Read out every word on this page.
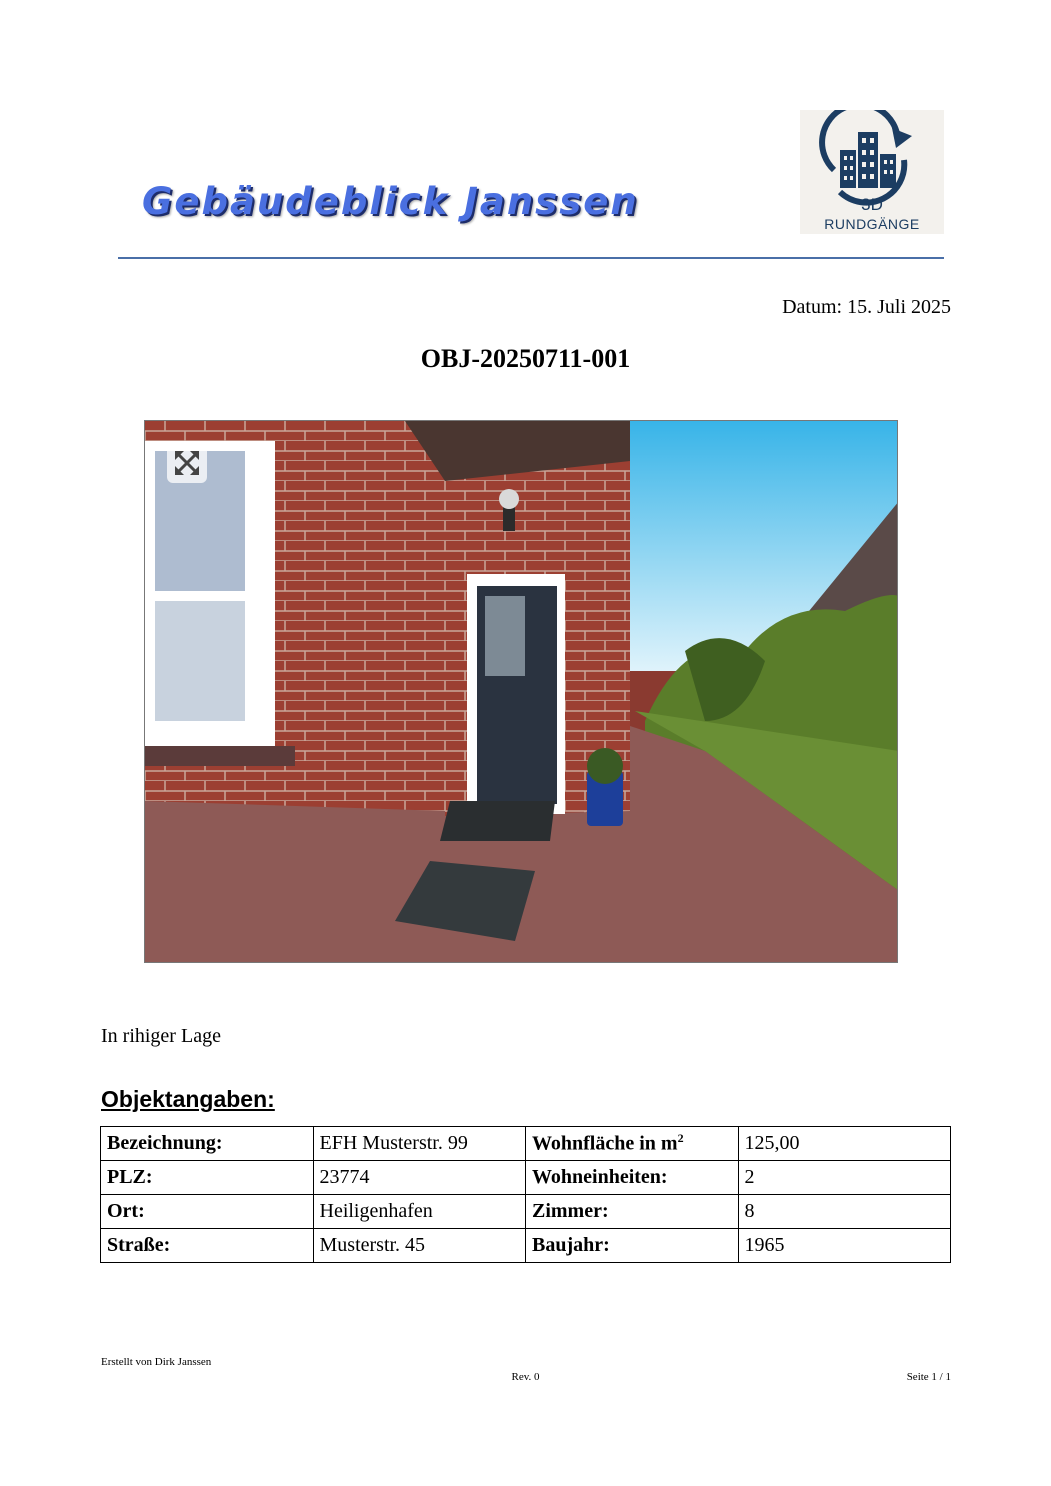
Gebäudeblick Janssen	3D
RUNDGÄNGE
Datum: 15. Juli 2025
OBJ-20250711-001
In rihiger Lage
Objektangaben:
Bezeichnung:	EFH Musterstr. 99	Wohnfläche in $m^2$	125,00
PLZ:	23774	Wohneinheiten:	2
Ort:	Heiligenhafen	Zimmer:	8
Straße:	Musterstr. 45	Baujahr:	1965
Erstellt von Dirk Janssen
Rev. 0	Seite 1 / 1
